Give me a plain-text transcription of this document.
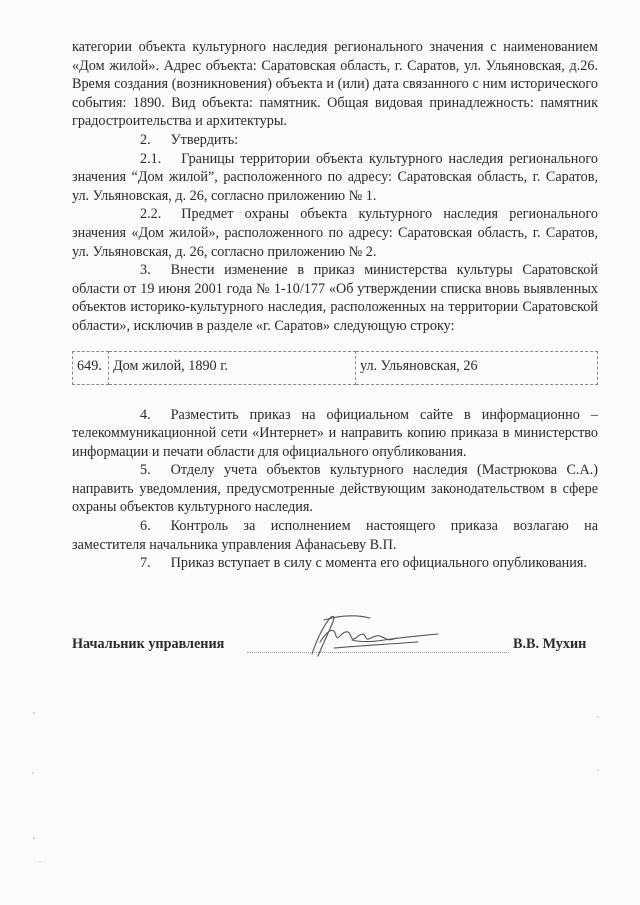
категории объекта культурного наследия регионального значения с наименованием «Дом жилой». Адрес объекта: Саратовская область, г. Саратов, ул. Ульяновская, д.26. Время создания (возникновения) объекта и (или) дата связанного с ним исторического события: 1890. Вид объекта: памятник. Общая видовая принадлежность: памятник градостроительства и архитектуры.

2. Утвердить:

2.1. Границы территории объекта культурного наследия регионального значения “Дом жилой”, расположенного по адресу: Саратовская область, г. Саратов, ул. Ульяновская, д. 26, согласно приложению № 1.

2.2. Предмет охраны объекта культурного наследия регионального значения «Дом жилой», расположенного по адресу: Саратовская область, г. Саратов, ул. Ульяновская, д. 26, согласно приложению № 2.

3. Внести изменение в приказ министерства культуры Саратовской области от 19 июня 2001 года № 1-10/177 «Об утверждении списка вновь выявленных объектов историко-культурного наследия, расположенных на территории Саратовской области», исключив в разделе «г. Саратов» следующую строку:

649.	Дом жилой, 1890 г.	ул. Ульяновская, 26

4. Разместить приказ на официальном сайте в информационно – телекоммуникационной сети «Интернет» и направить копию приказа в министерство информации и печати области для официального опубликования.

5. Отделу учета объектов культурного наследия (Мастрюкова С.А.) направить уведомления, предусмотренные действующим законодательством в сфере охраны объектов культурного наследия.

6. Контроль за исполнением настоящего приказа возлагаю на заместителя начальника управления Афанасьеву В.П.

7. Приказ вступает в силу с момента его официального опубликования.

Начальник управления	В.В. Мухин
